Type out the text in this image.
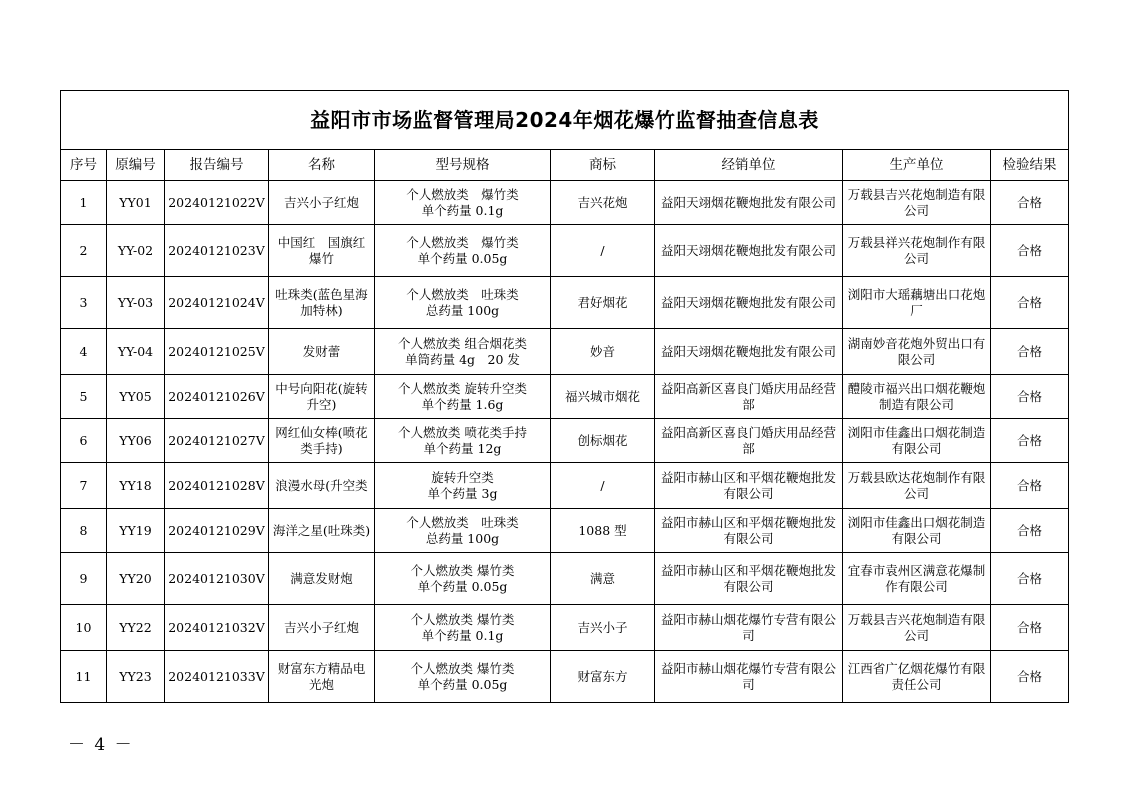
益阳市市场监督管理局2024年烟花爆竹监督抽查信息表								
序号	原编号	报告编号	名称	型号规格	商标	经销单位	生产单位	检验结果
1	YY01	20240121022V	吉兴小子红炮	个人燃放类　爆竹类
单个药量 0.1g	吉兴花炮	益阳天翊烟花鞭炮批发有限公司	万载县吉兴花炮制造有限公司	合格
2	YY-02	20240121023V	中国红　国旗红爆竹	个人燃放类　爆竹类
单个药量 0.05g	/	益阳天翊烟花鞭炮批发有限公司	万载县祥兴花炮制作有限公司	合格
3	YY-03	20240121024V	吐珠类(蓝色星海加特林)	个人燃放类　吐珠类
总药量 100g	君好烟花	益阳天翊烟花鞭炮批发有限公司	浏阳市大瑶藕塘出口花炮厂	合格
4	YY-04	20240121025V	发财蕾	个人燃放类 组合烟花类
单筒药量 4g　20 发	妙音	益阳天翊烟花鞭炮批发有限公司	湖南妙音花炮外贸出口有限公司	合格
5	YY05	20240121026V	中号向阳花(旋转升空)	个人燃放类 旋转升空类
单个药量 1.6g	福兴城市烟花	益阳高新区喜良门婚庆用品经营部	醴陵市福兴出口烟花鞭炮制造有限公司	合格
6	YY06	20240121027V	网红仙女棒(喷花类手持)	个人燃放类 喷花类手持
单个药量 12g	创标烟花	益阳高新区喜良门婚庆用品经营部	浏阳市佳鑫出口烟花制造有限公司	合格
7	YY18	20240121028V	浪漫水母(升空类	旋转升空类
单个药量 3g	/	益阳市赫山区和平烟花鞭炮批发有限公司	万载县欧达花炮制作有限公司	合格
8	YY19	20240121029V	海洋之星(吐珠类)	个人燃放类　吐珠类
总药量 100g	1088 型	益阳市赫山区和平烟花鞭炮批发有限公司	浏阳市佳鑫出口烟花制造有限公司	合格
9	YY20	20240121030V	满意发财炮	个人燃放类 爆竹类
单个药量 0.05g	满意	益阳市赫山区和平烟花鞭炮批发有限公司	宜春市袁州区满意花爆制作有限公司	合格
10	YY22	20240121032V	吉兴小子红炮	个人燃放类 爆竹类
单个药量 0.1g	吉兴小子	益阳市赫山烟花爆竹专营有限公司	万载县吉兴花炮制造有限公司	合格
11	YY23	20240121033V	财富东方精品电光炮	个人燃放类 爆竹类
单个药量 0.05g	财富东方	益阳市赫山烟花爆竹专营有限公司	江西省广亿烟花爆竹有限责任公司	合格
－ 4 －
